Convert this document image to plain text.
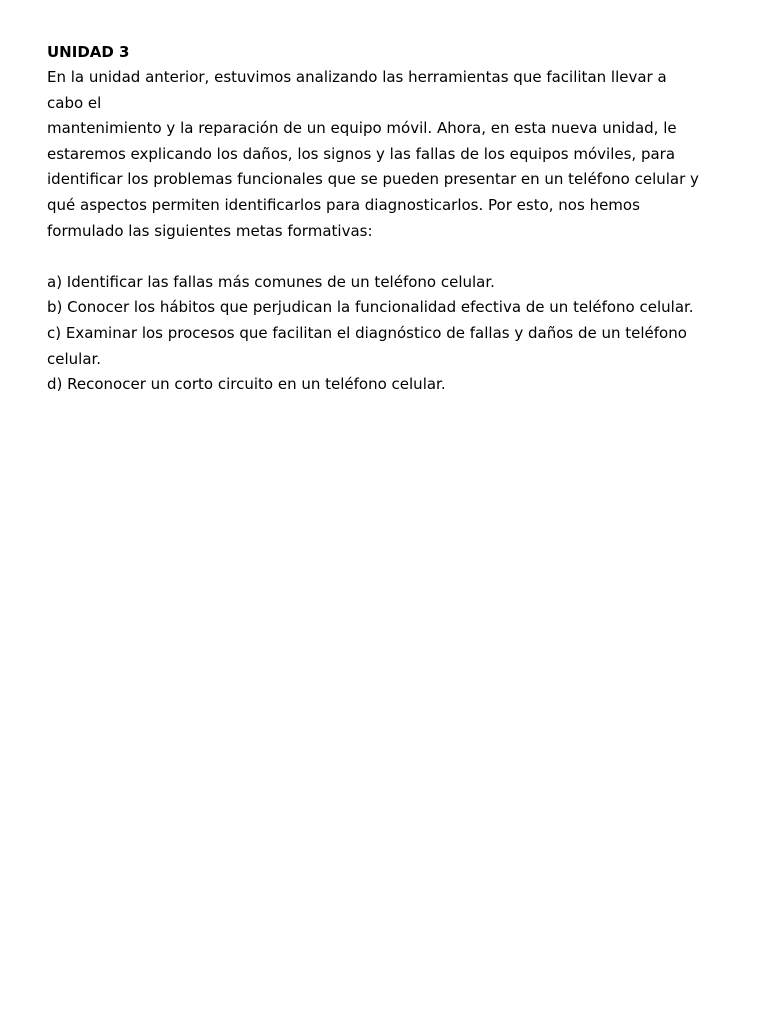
UNIDAD 3

En la unidad anterior, estuvimos analizando las herramientas que facilitan llevar a

cabo el

mantenimiento y la reparación de un equipo móvil. Ahora, en esta nueva unidad, le

estaremos explicando los daños, los signos y las fallas de los equipos móviles, para

identificar los problemas funcionales que se pueden presentar en un teléfono celular y

qué aspectos permiten identificarlos para diagnosticarlos. Por esto, nos hemos

formulado las siguientes metas formativas:

a) Identificar las fallas más comunes de un teléfono celular.

b) Conocer los hábitos que perjudican la funcionalidad efectiva de un teléfono celular.

c) Examinar los procesos que facilitan el diagnóstico de fallas y daños de un teléfono

celular.

d) Reconocer un corto circuito en un teléfono celular.
